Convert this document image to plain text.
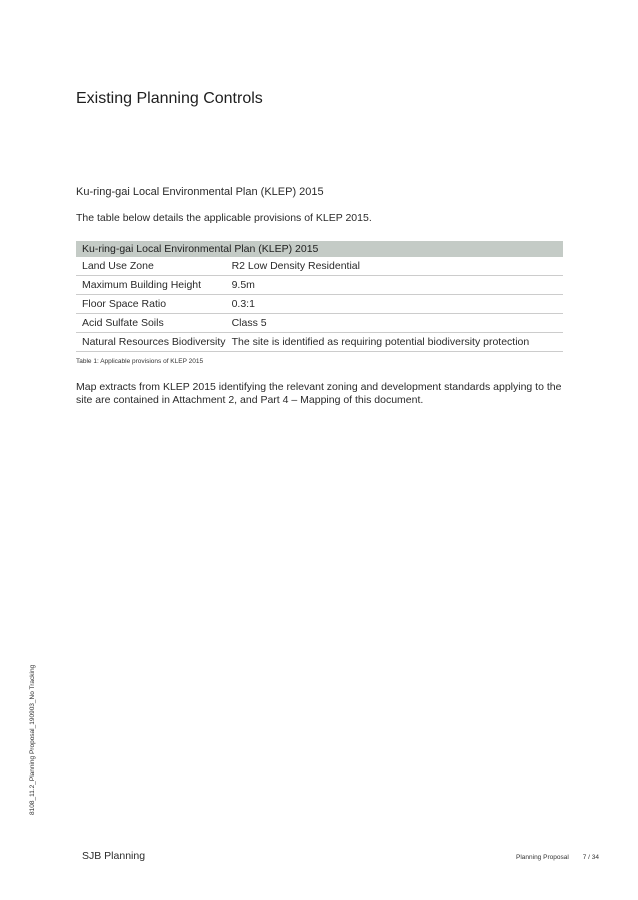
Existing Planning Controls
Ku-ring-gai Local Environmental Plan (KLEP) 2015

The table below details the applicable provisions of KLEP 2015.

Ku-ring-gai Local Environmental Plan (KLEP) 2015	
Land Use Zone	R2 Low Density Residential
Maximum Building Height	9.5m
Floor Space Ratio	0.3:1
Acid Sulfate Soils	Class 5
Natural Resources Biodiversity	The site is identified as requiring potential biodiversity protection

Table 1: Applicable provisions of KLEP 2015

Map extracts from KLEP 2015 identifying the relevant zoning and development standards applying to the site are contained in Attachment 2, and Part 4 – Mapping of this document.

8108_11.2_Planning Proposal_190903_No Tracking
SJB Planning	Planning Proposal 7 / 34
